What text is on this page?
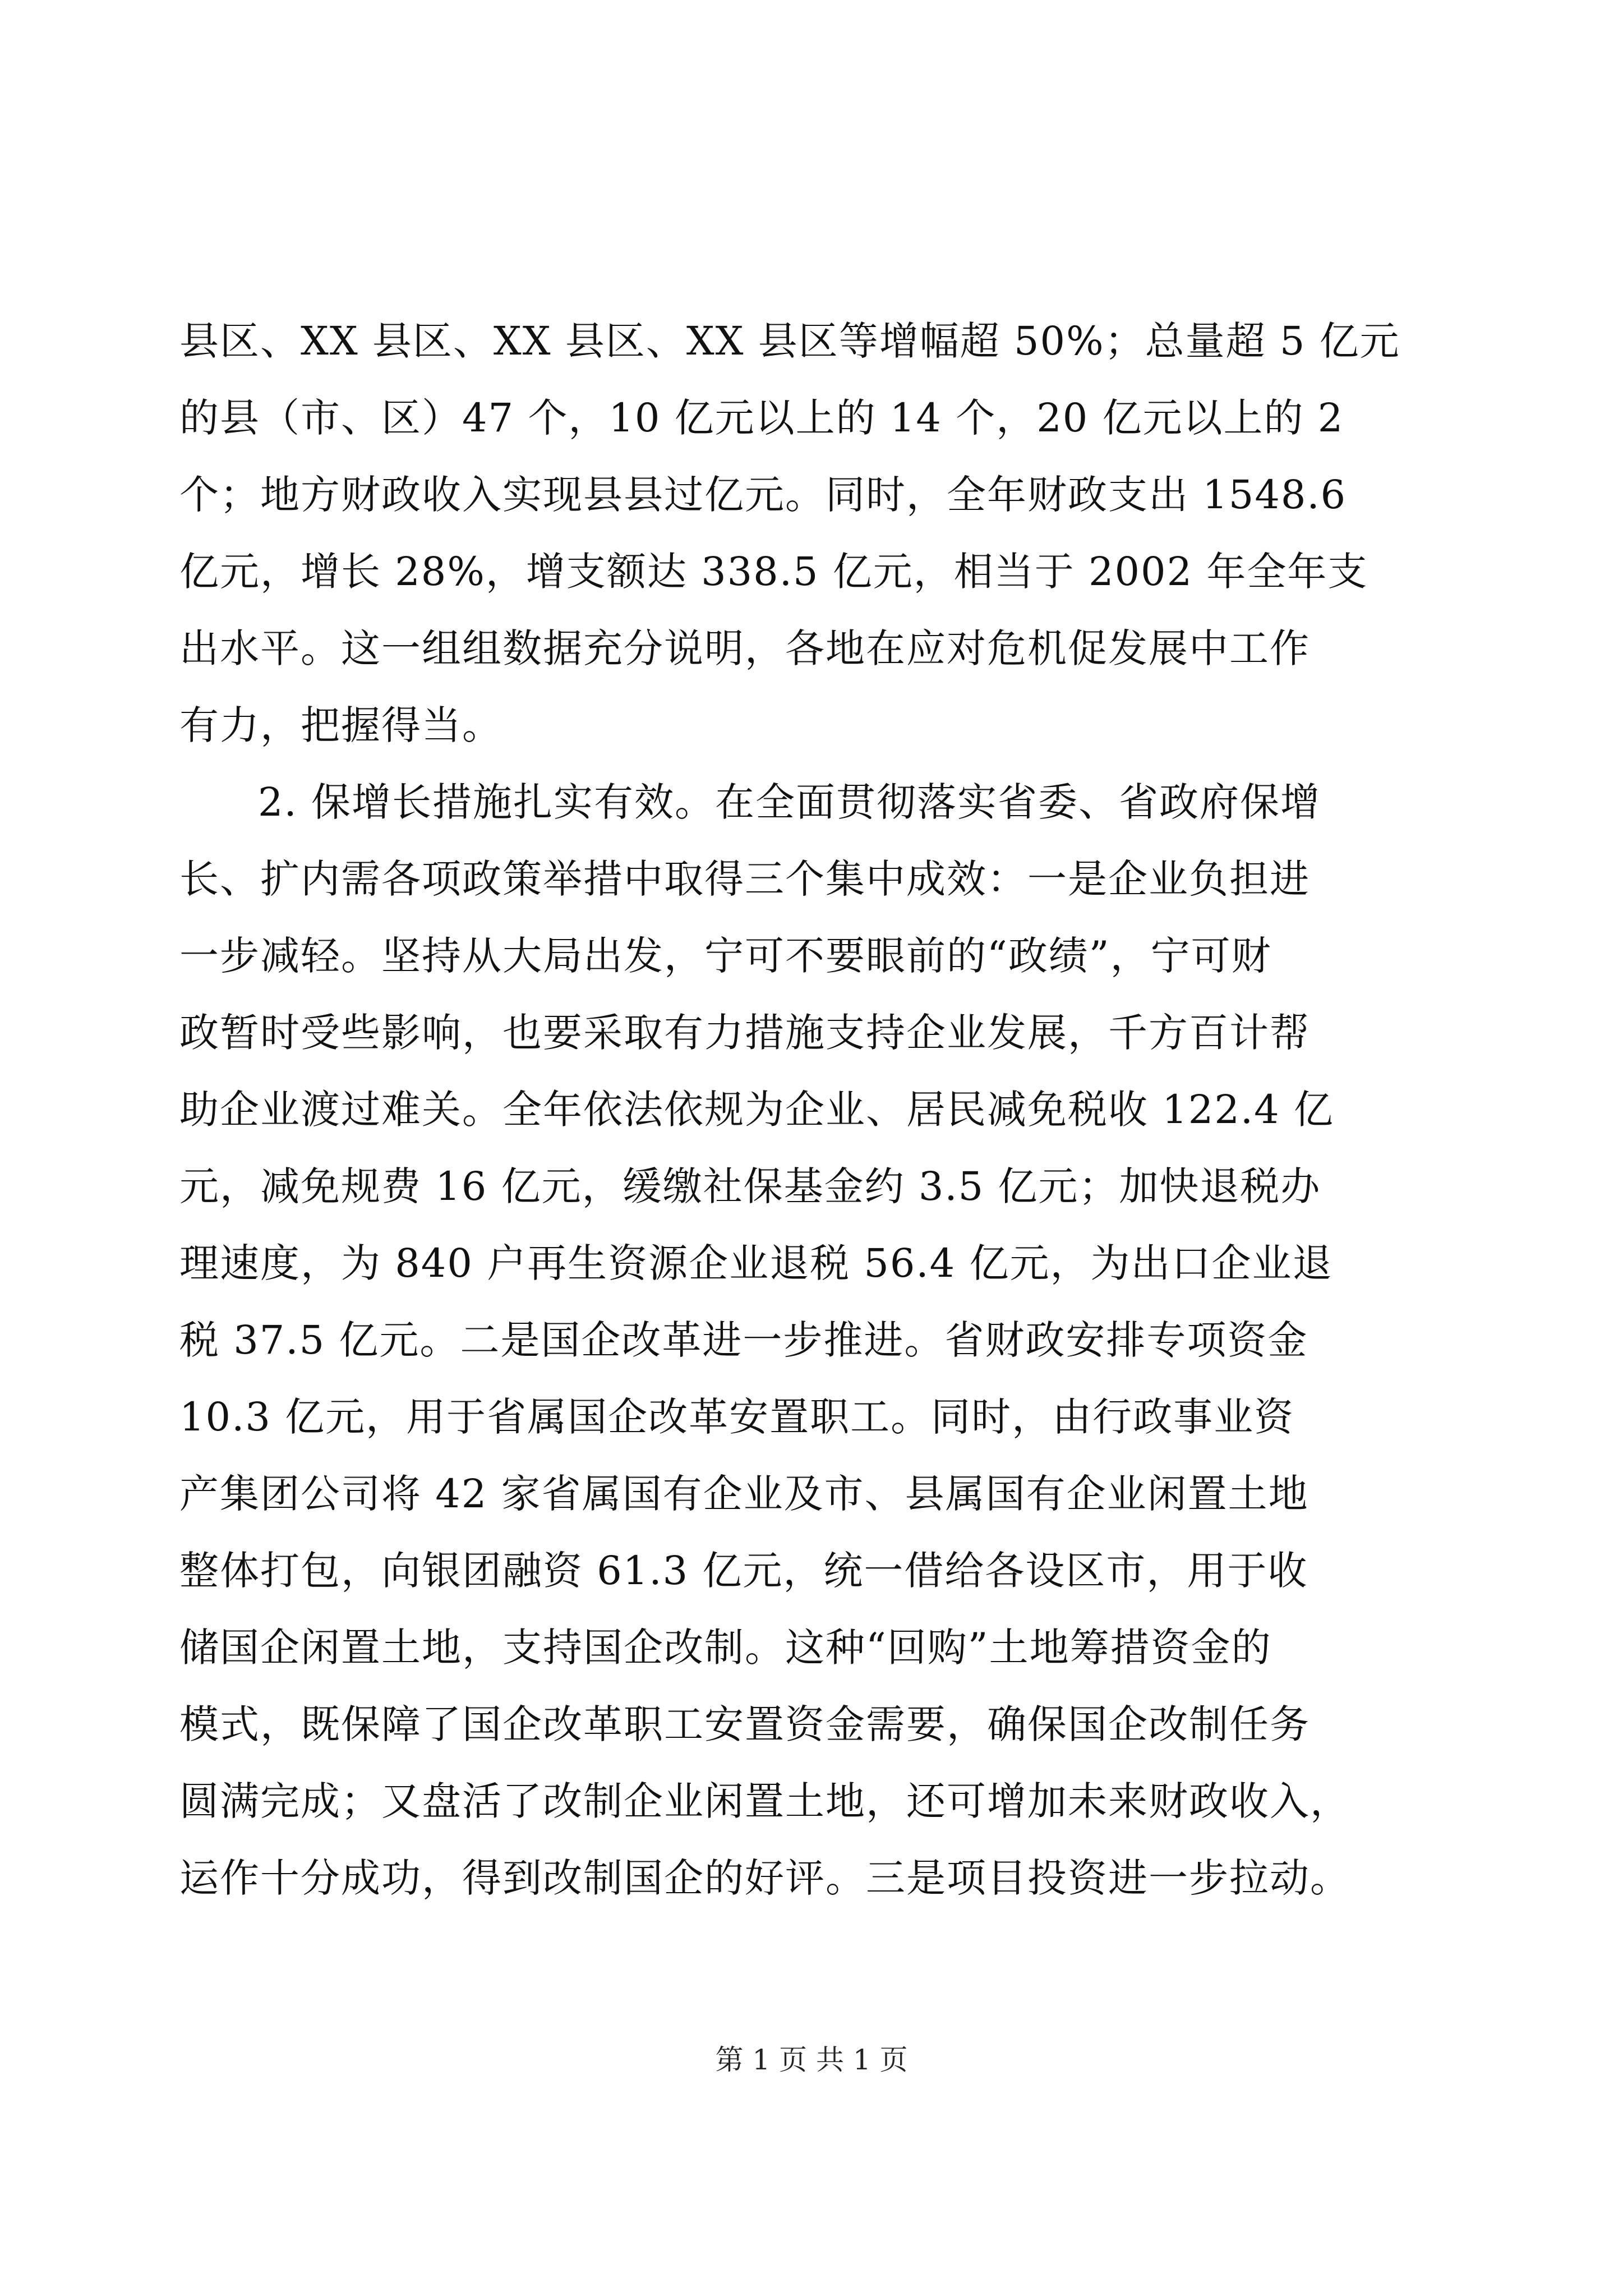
县区、XX 县区、XX 县区、XX 县区等增幅超 50%；总量超 5 亿元
的县（市、区）47 个，10 亿元以上的 14 个，20 亿元以上的 2
个；地方财政收入实现县县过亿元。同时，全年财政支出 1548.6
亿元，增长 28%，增支额达 338.5 亿元，相当于 2002 年全年支
出水平。这一组组数据充分说明，各地在应对危机促发展中工作
有力，把握得当。
2. 保增长措施扎实有效。在全面贯彻落实省委、省政府保增
长、扩内需各项政策举措中取得三个集中成效：一是企业负担进
一步减轻。坚持从大局出发，宁可不要眼前的“政绩”，宁可财
政暂时受些影响，也要采取有力措施支持企业发展，千方百计帮
助企业渡过难关。全年依法依规为企业、居民减免税收 122.4 亿
元，减免规费 16 亿元，缓缴社保基金约 3.5 亿元；加快退税办
理速度，为 840 户再生资源企业退税 56.4 亿元，为出口企业退
税 37.5 亿元。二是国企改革进一步推进。省财政安排专项资金
10.3 亿元，用于省属国企改革安置职工。同时，由行政事业资
产集团公司将 42 家省属国有企业及市、县属国有企业闲置土地
整体打包，向银团融资 61.3 亿元，统一借给各设区市，用于收
储国企闲置土地，支持国企改制。这种“回购”土地筹措资金的
模式，既保障了国企改革职工安置资金需要，确保国企改制任务
圆满完成；又盘活了改制企业闲置土地，还可增加未来财政收入，
运作十分成功，得到改制国企的好评。三是项目投资进一步拉动。
第 1 页 共 1 页
